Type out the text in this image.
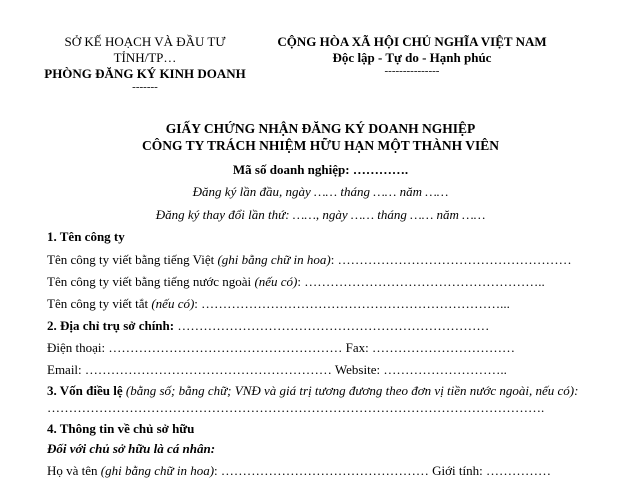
SỞ KẾ HOẠCH VÀ ĐẦU TƯ
TỈNH/TP…
PHÒNG ĐĂNG KÝ KINH DOANH
-------
CỘNG HÒA XÃ HỘI CHỦ NGHĨA VIỆT NAM
Độc lập - Tự do - Hạnh phúc
---------------
GIẤY CHỨNG NHẬN ĐĂNG KÝ DOANH NGHIỆP
CÔNG TY TRÁCH NHIỆM HỮU HẠN MỘT THÀNH VIÊN
Mã số doanh nghiệp: ………….
Đăng ký lần đầu, ngày …… tháng …… năm ……
Đăng ký thay đổi lần thứ: ……, ngày …… tháng …… năm ……
1. Tên công ty
Tên công ty viết bằng tiếng Việt (ghi bằng chữ in hoa): ………………………………………………
Tên công ty viết bằng tiếng nước ngoài (nếu có): ………………………………………………..
Tên công ty viết tắt (nếu có): ……………………………………………………………...
2. Địa chỉ trụ sở chính: ………………………………………………………………
Điện thoại: ……………………………………………… Fax: ……………………………
Email: ………………………………………………… Website: ………………………..
3. Vốn điều lệ (bằng số; bằng chữ; VNĐ và giá trị tương đương theo đơn vị tiền nước ngoài, nếu có):
…………………………………………………………………………………………………….
4. Thông tin về chủ sở hữu
Đối với chủ sở hữu là cá nhân:
Họ và tên (ghi bằng chữ in hoa): ………………………………………… Giới tính: ……………
